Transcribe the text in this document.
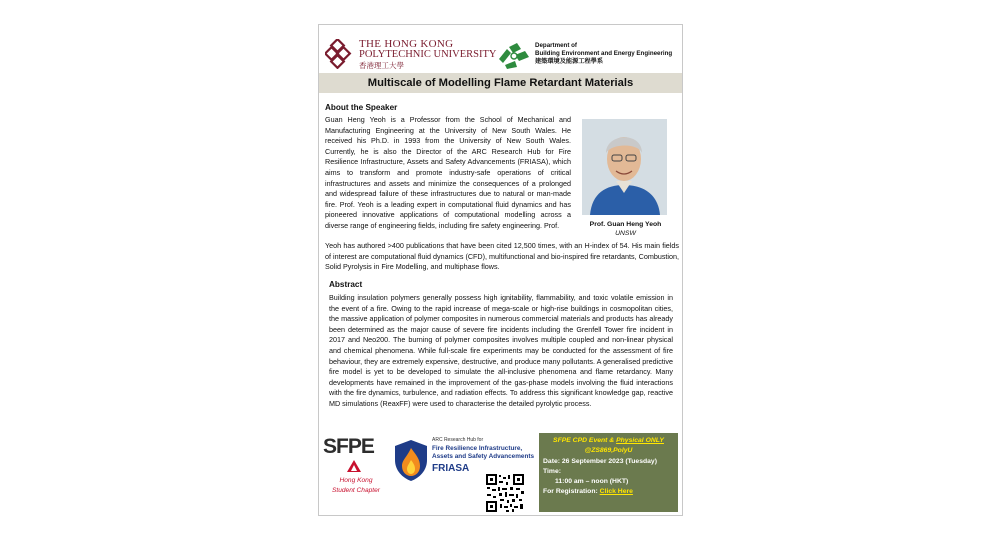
THE HONG KONG
POLYTECHNIC UNIVERSITY
香港理工大學
Department of
Building Environment and Energy Engineering
建築環境及能源工程學系
Multiscale of Modelling Flame Retardant Materials
About the Speaker
Guan Heng Yeoh is a Professor from the School of Mechanical and Manufacturing Engineering at the University of New South Wales. He received his Ph.D. in 1993 from the University of New South Wales. Currently, he is also the Director of the ARC Research Hub for Fire Resilience Infrastructure, Assets and Safety Advancements (FRIASA), which aims to transform and promote industry-safe operations of critical infrastructures and assets and minimize the consequences of a prolonged and widespread failure of these infrastructures due to natural or man-made fire. Prof. Yeoh is a leading expert in computational fluid dynamics and has pioneered innovative applications of computational modelling across a diverse range of engineering fields, including fire safety engineering. Prof.	Prof. Guan Heng Yeoh
UNSW
Yeoh has authored >400 publications that have been cited 12,500 times, with an H-index of 54. His main fields of interest are computational fluid dynamics (CFD), multifunctional and bio-inspired fire retardants, Combustion, Solid Pyrolysis in Fire Modelling, and multiphase flows.
Abstract
Building insulation polymers generally possess high ignitability, flammability, and toxic volatile emission in the event of a fire. Owing to the rapid increase of mega-scale or high-rise buildings in cosmopolitan cities, the massive application of polymer composites in numerous commercial materials and products has already been determined as the major cause of severe fire incidents including the Grenfell Tower fire incident in 2017 and Neo200. The burning of polymer composites involves multiple coupled and non-linear physical and chemical phenomena. While full-scale fire experiments may be conducted for the assessment of fire behaviour, they are extremely expensive, destructive, and produce many pollutants. A generalised predictive fire model is yet to be developed to simulate the all-inclusive phenomena and flame retardancy. Many developments have remained in the improvement of the gas-phase models involving the fluid interactions with the fire dynamics, turbulence, and radiation effects. To address this significant knowledge gap, reactive MD simulations (ReaxFF) were used to characterise the detailed pyrolytic process.
SFPE
Hong Kong
Student Chapter
ARC Research Hub for
Fire Resilience Infrastructure,
Assets and Safety Advancements
FRIASA
SFPE CPD Event & Physical ONLY
@ZS869,PolyU
Date: 26 September 2023 (Tuesday)
Time:
11:00 am – noon (HKT)
For Registration: Click Here
